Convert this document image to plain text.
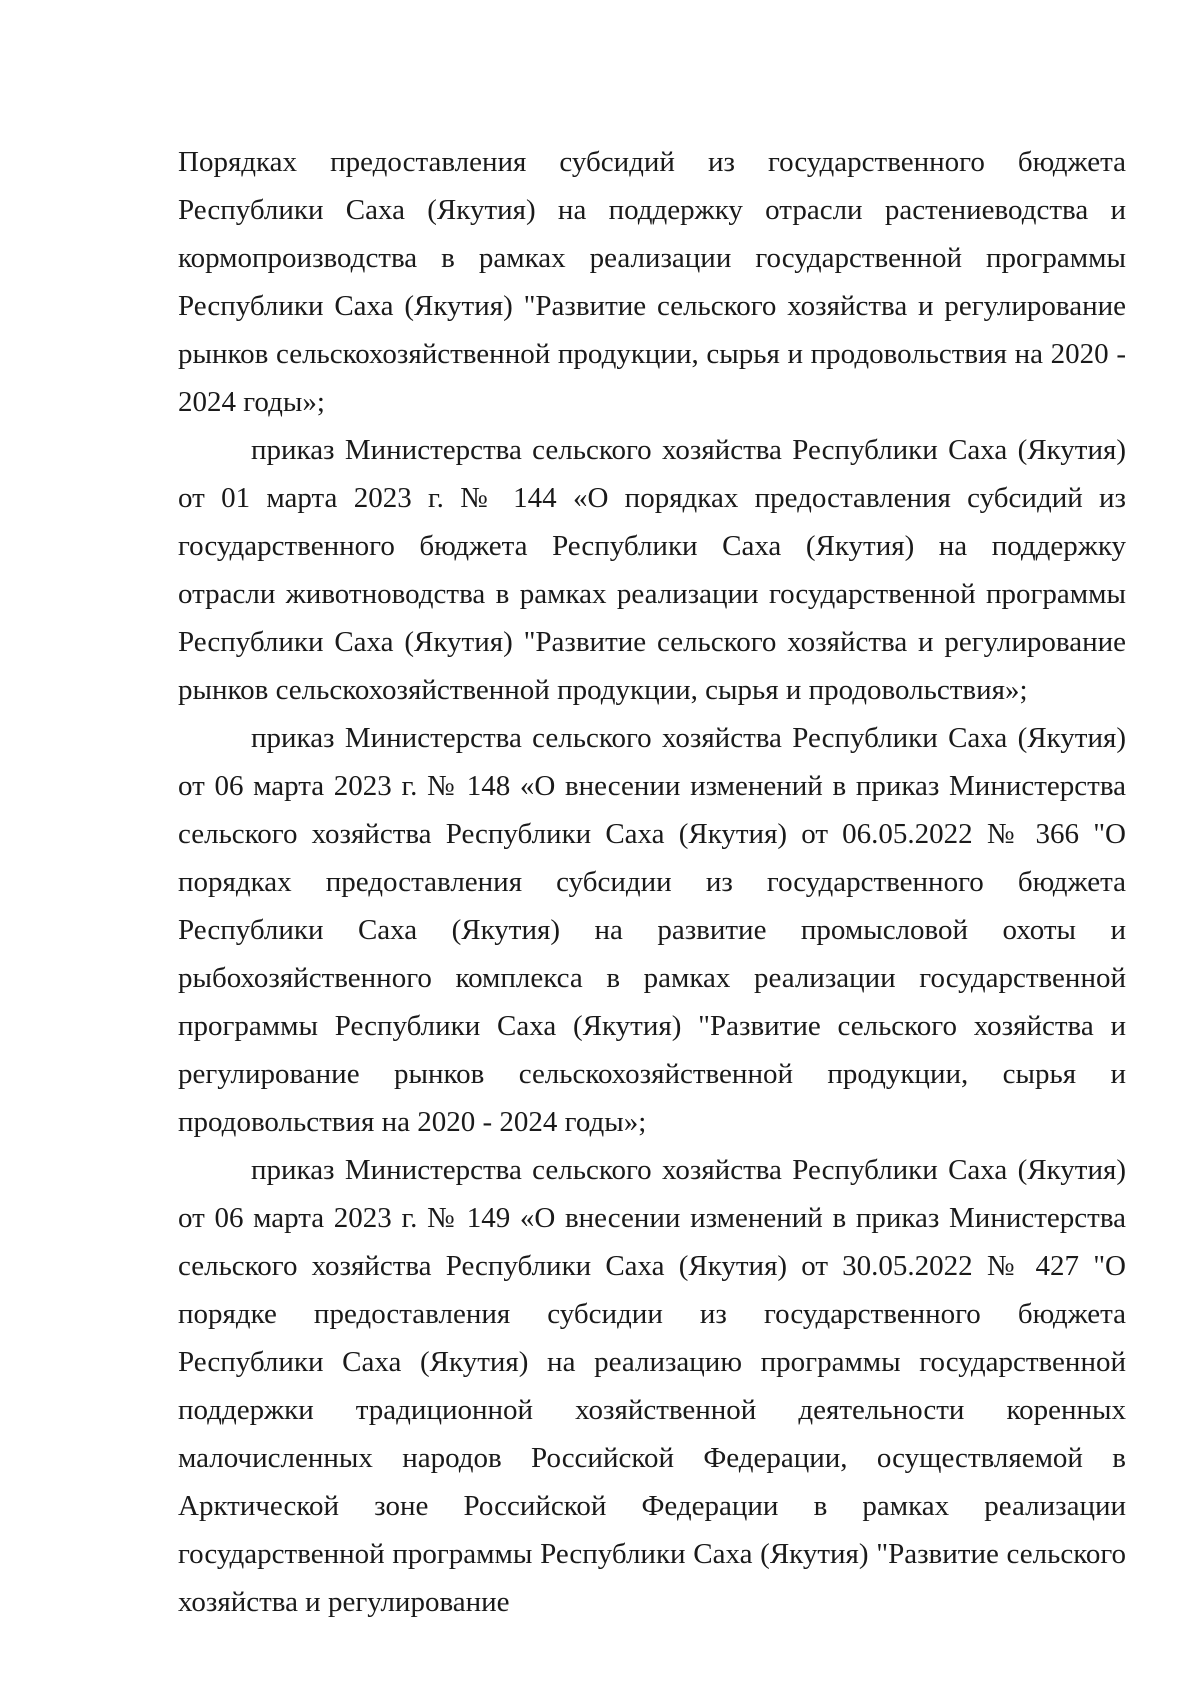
Порядках предоставления субсидий из государственного бюджета Республики Саха (Якутия) на поддержку отрасли растениеводства и кормопроизводства в рамках реализации государственной программы Республики Саха (Якутия) "Развитие сельского хозяйства и регулирование рынков сельскохозяйственной продукции, сырья и продовольствия на 2020 - 2024 годы»;

приказ Министерства сельского хозяйства Республики Саха (Якутия) от 01 марта 2023 г. № 144 «О порядках предоставления субсидий из государственного бюджета Республики Саха (Якутия) на поддержку отрасли животноводства в рамках реализации государственной программы Республики Саха (Якутия) "Развитие сельского хозяйства и регулирование рынков сельскохозяйственной продукции, сырья и продовольствия»;

приказ Министерства сельского хозяйства Республики Саха (Якутия) от 06 марта 2023 г. № 148 «О внесении изменений в приказ Министерства сельского хозяйства Республики Саха (Якутия) от 06.05.2022 № 366 "О порядках предоставления субсидии из государственного бюджета Республики Саха (Якутия) на развитие промысловой охоты и рыбохозяйственного комплекса в рамках реализации государственной программы Республики Саха (Якутия) "Развитие сельского хозяйства и регулирование рынков сельскохозяйственной продукции, сырья и продовольствия на 2020 - 2024 годы»;

приказ Министерства сельского хозяйства Республики Саха (Якутия) от 06 марта 2023 г. № 149 «О внесении изменений в приказ Министерства сельского хозяйства Республики Саха (Якутия) от 30.05.2022 № 427 "О порядке предоставления субсидии из государственного бюджета Республики Саха (Якутия) на реализацию программы государственной поддержки традиционной хозяйственной деятельности коренных малочисленных народов Российской Федерации, осуществляемой в Арктической зоне Российской Федерации в рамках реализации государственной программы Республики Саха (Якутия) "Развитие сельского хозяйства и регулирование
